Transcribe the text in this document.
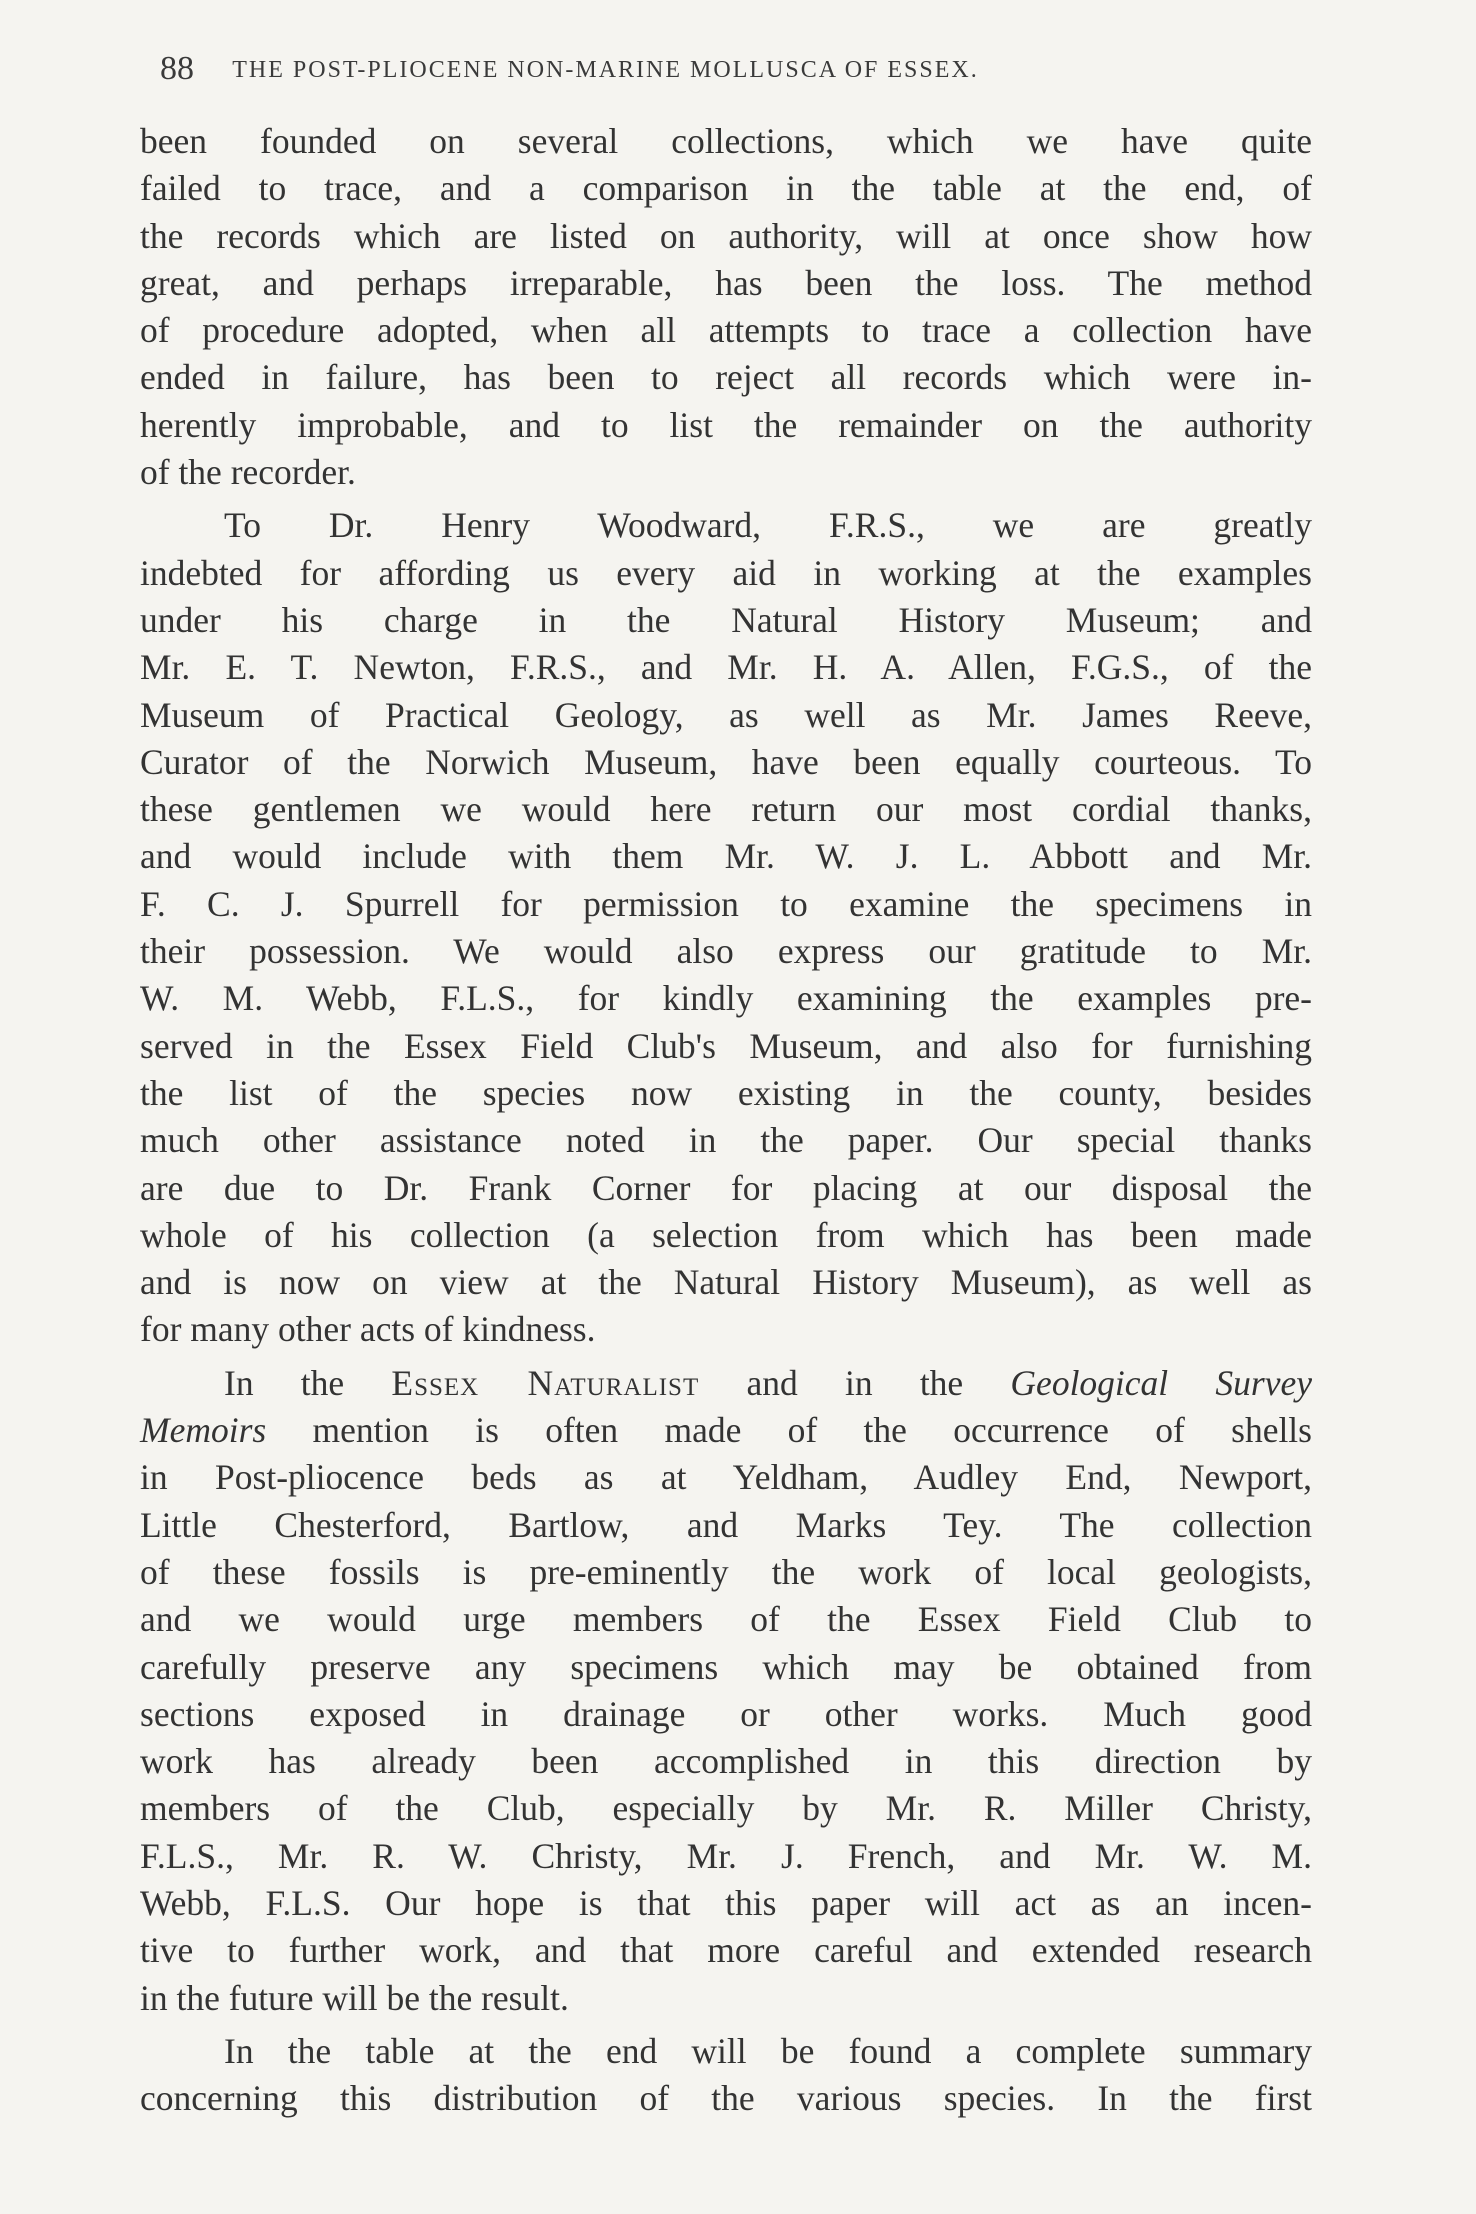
88 THE POST-PLIOCENE NON-MARINE MOLLUSCA OF ESSEX.
been founded on several collections, which we have quite
failed to trace, and a comparison in the table at the end, of
the records which are listed on authority, will at once show how
great, and perhaps irreparable, has been the loss. The method
of procedure adopted, when all attempts to trace a collection have
ended in failure, has been to reject all records which were in-
herently improbable, and to list the remainder on the authority
of the recorder.
To Dr. Henry Woodward, F.R.S., we are greatly
indebted for affording us every aid in working at the examples
under his charge in the Natural History Museum; and
Mr. E. T. Newton, F.R.S., and Mr. H. A. Allen, F.G.S., of the
Museum of Practical Geology, as well as Mr. James Reeve,
Curator of the Norwich Museum, have been equally courteous. To
these gentlemen we would here return our most cordial thanks,
and would include with them Mr. W. J. L. Abbott and Mr.
F. C. J. Spurrell for permission to examine the specimens in
their possession. We would also express our gratitude to Mr.
W. M. Webb, F.L.S., for kindly examining the examples pre-
served in the Essex Field Club's Museum, and also for furnishing
the list of the species now existing in the county, besides
much other assistance noted in the paper. Our special thanks
are due to Dr. Frank Corner for placing at our disposal the
whole of his collection (a selection from which has been made
and is now on view at the Natural History Museum), as well as
for many other acts of kindness.
In the Essex Naturalist and in the Geological Survey
Memoirs mention is often made of the occurrence of shells
in Post-pliocence beds as at Yeldham, Audley End, Newport,
Little Chesterford, Bartlow, and Marks Tey. The collection
of these fossils is pre-eminently the work of local geologists,
and we would urge members of the Essex Field Club to
carefully preserve any specimens which may be obtained from
sections exposed in drainage or other works. Much good
work has already been accomplished in this direction by
members of the Club, especially by Mr. R. Miller Christy,
F.L.S., Mr. R. W. Christy, Mr. J. French, and Mr. W. M.
Webb, F.L.S. Our hope is that this paper will act as an incen-
tive to further work, and that more careful and extended research
in the future will be the result.
In the table at the end will be found a complete summary
concerning this distribution of the various species. In the first
